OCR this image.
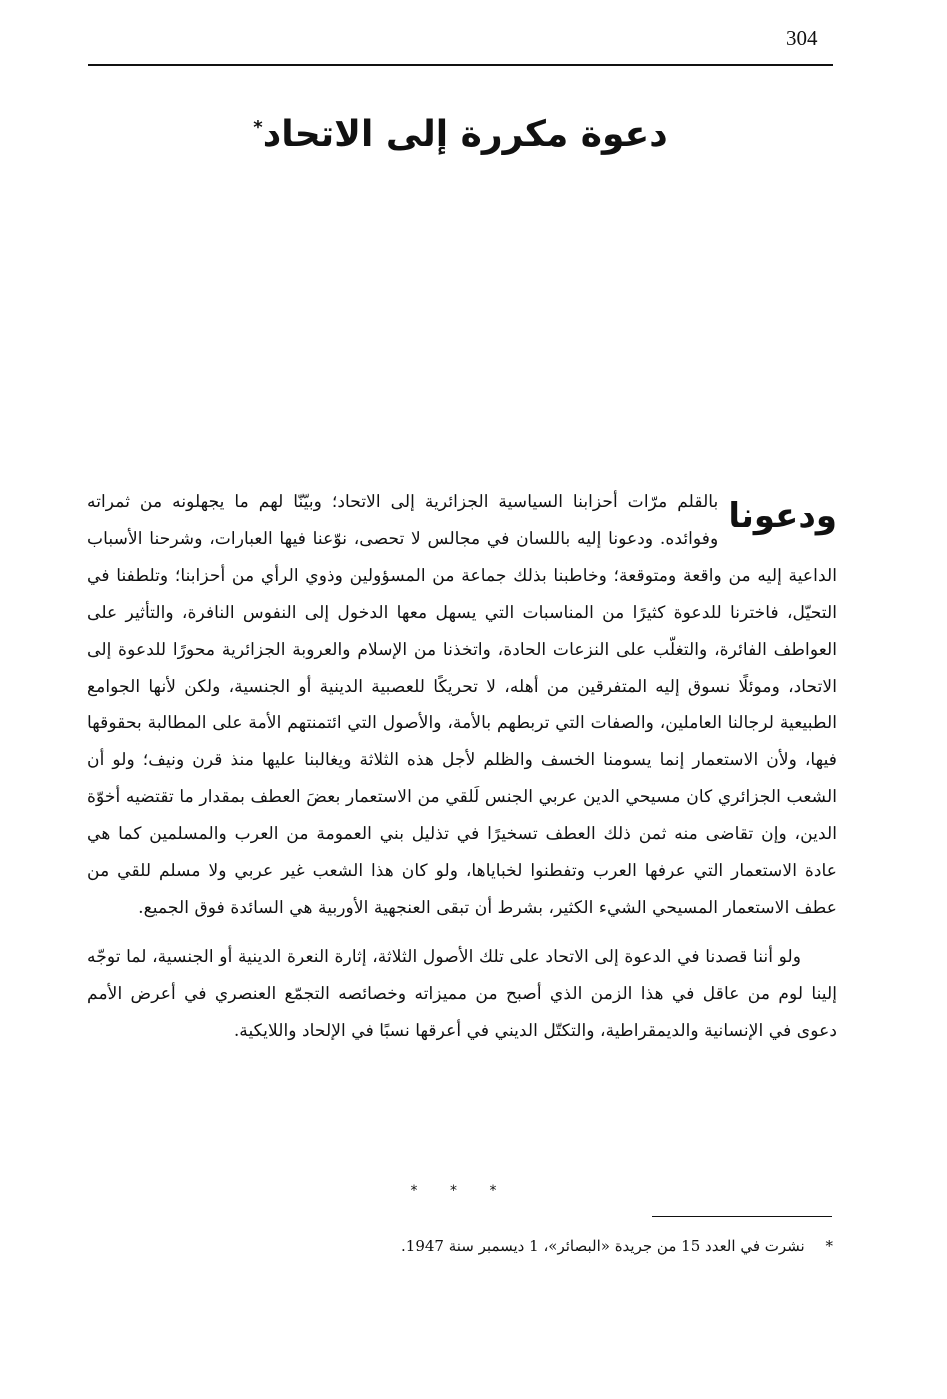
304
دعوة مكررة إلى الاتحاد*

ودعونا
بالقلم مرّات أحزابنا السياسية الجزائرية إلى الاتحاد؛ وبيّنّا لهم ما يجهلونه من ثمراته وفوائده. ودعونا إليه باللسان في مجالس لا تحصى، نوّعنا فيها العبارات، وشرحنا الأسباب الداعية إليه من واقعة ومتوقعة؛ وخاطبنا بذلك جماعة من المسؤولين وذوي الرأي من أحزابنا؛ وتلطفنا في التحيّل، فاخترنا للدعوة كثيرًا من المناسبات التي يسهل معها الدخول إلى النفوس النافرة، والتأثير على العواطف الفائرة، والتغلّب على النزعات الحادة، واتخذنا من الإسلام والعروبة الجزائرية محورًا للدعوة إلى الاتحاد، وموئلًا نسوق إليه المتفرقين من أهله، لا تحريكًا للعصبية الدينية أو الجنسية، ولكن لأنها الجوامع الطبيعية لرجالنا العاملين، والصفات التي تربطهم بالأمة، والأصول التي ائتمنتهم الأمة على المطالبة بحقوقها فيها، ولأن الاستعمار إنما يسومنا الخسف والظلم لأجل هذه الثلاثة ويغالبنا عليها منذ قرن ونيف؛ ولو أن الشعب الجزائري كان مسيحي الدين عربي الجنس لَلقي من الاستعمار بعضَ العطف بمقدار ما تقتضيه أخوّة الدين، وإن تقاضى منه ثمن ذلك العطف تسخيرًا في تذليل بني العمومة من العرب والمسلمين كما هي عادة الاستعمار التي عرفها العرب وتفطنوا لخباياها، ولو كان هذا الشعب غير عربي ولا مسلم للقي من عطف الاستعمار المسيحي الشيء الكثير، بشرط أن تبقى العنجهية الأوربية هي السائدة فوق الجميع.

ولو أننا قصدنا في الدعوة إلى الاتحاد على تلك الأصول الثلاثة، إثارة النعرة الدينية أو الجنسية، لما توجّه إلينا لوم من عاقل في هذا الزمن الذي أصبح من مميزاته وخصائصه التجمّع العنصري في أعرض الأمم دعوى في الإنسانية والديمقراطية، والتكتّل الديني في أعرقها نسبًا في الإلحاد واللايكية.

* * *
* نشرت في العدد 15 من جريدة «البصائر»، 1 ديسمبر سنة 1947.
